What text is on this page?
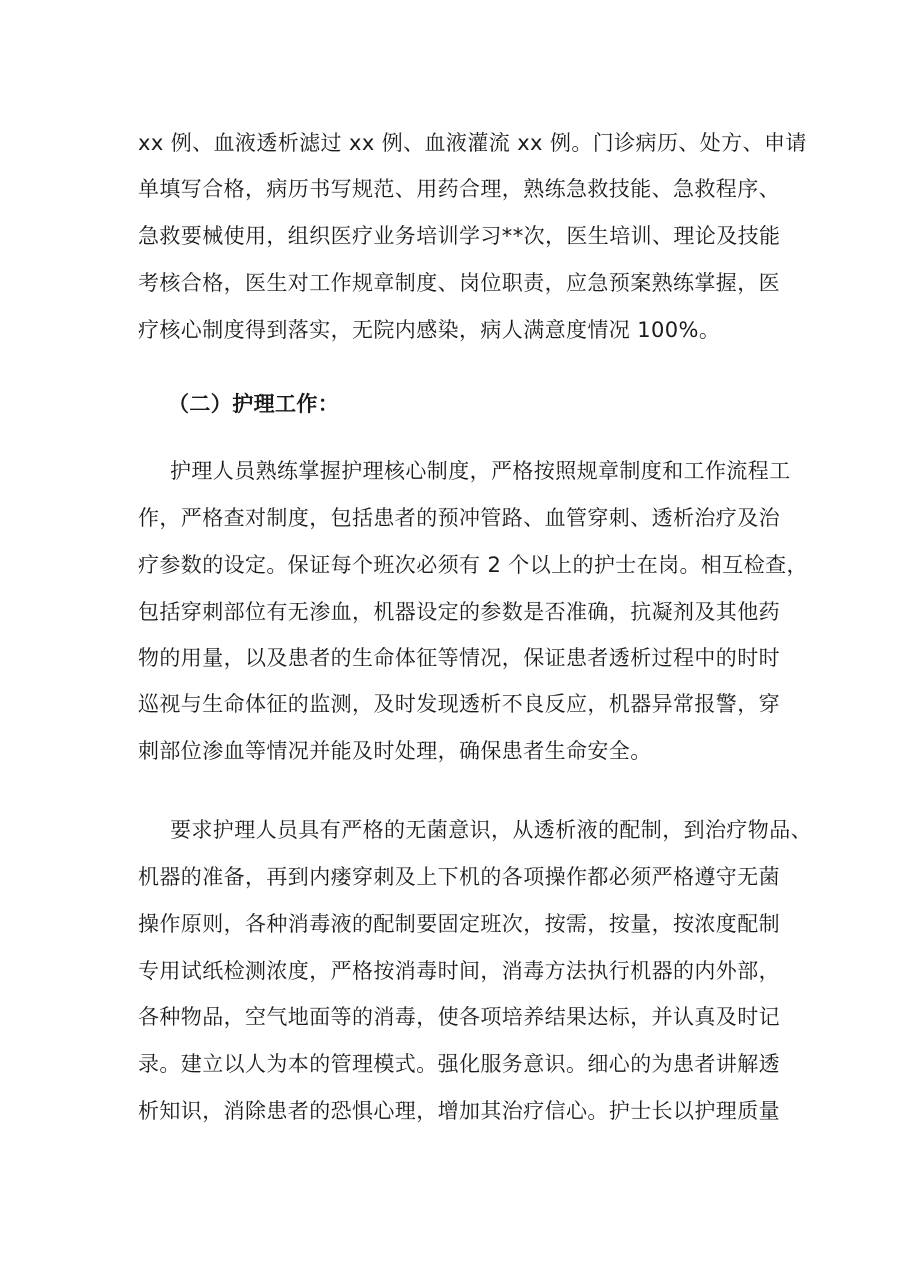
xx 例、血液透析滤过 xx 例、血液灌流 xx 例。门诊病历、处方、申请
单填写合格，病历书写规范、用药合理，熟练急救技能、急救程序、
急救要械使用，组织医疗业务培训学习**次，医生培训、理论及技能
考核合格，医生对工作规章制度、岗位职责，应急预案熟练掌握，医
疗核心制度得到落实，无院内感染，病人满意度情况 100%。
（二）护理工作：
护理人员熟练掌握护理核心制度，严格按照规章制度和工作流程工
作，严格查对制度，包括患者的预冲管路、血管穿刺、透析治疗及治
疗参数的设定。保证每个班次必须有 2 个以上的护士在岗。相互检查，
包括穿刺部位有无渗血，机器设定的参数是否准确，抗凝剂及其他药
物的用量，以及患者的生命体征等情况，保证患者透析过程中的时时
巡视与生命体征的监测，及时发现透析不良反应，机器异常报警，穿
刺部位渗血等情况并能及时处理，确保患者生命安全。
要求护理人员具有严格的无菌意识，从透析液的配制，到治疗物品、
机器的准备，再到内瘘穿刺及上下机的各项操作都必须严格遵守无菌
操作原则，各种消毒液的配制要固定班次，按需，按量，按浓度配制
专用试纸检测浓度，严格按消毒时间，消毒方法执行机器的内外部，
各种物品，空气地面等的消毒，使各项培养结果达标，并认真及时记
录。建立以人为本的管理模式。强化服务意识。细心的为患者讲解透
析知识，消除患者的恐惧心理，增加其治疗信心。护士长以护理质量
